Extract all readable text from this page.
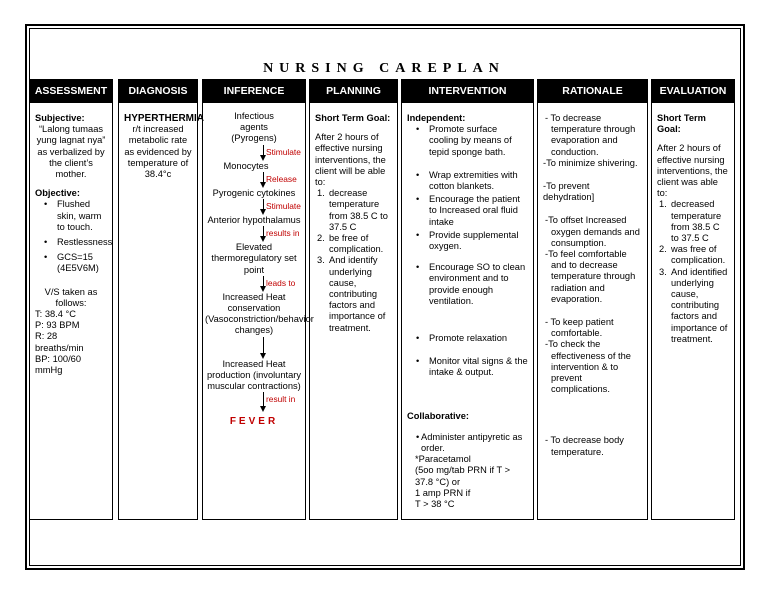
NURSING CAREPLAN
ASSESSMENT
Subjective:
“Lalong tumaas yung lagnat nya” as verbalized by the client’s mother.
Objective:
• Flushed skin, warm to touch.
• Restlessness
• GCS=15 (4E5V6M)
V/S taken as follows:
T: 38.4 °C
P: 93 BPM
R: 28 breaths/min
BP: 100/60 mmHg
DIAGNOSIS
HYPERTHERMIA
r/t increased metabolic rate as evidenced by temperature of 38.4°c
INFERENCE
Infectious agents (Pyrogens)
Stimulate
Monocytes
Release
Pyrogenic cytokines
Stimulate
Anterior hypothalamus
results in
Elevated thermoregulatory set point
leads to
Increased Heat conservation (Vasoconstriction/behavior changes)
Increased Heat production (involuntary muscular contractions)
result in
FEVER
PLANNING
Short Term Goal:
After 2 hours of effective nursing interventions, the client will be able to:
1. decrease temperature from 38.5 C to 37.5 C
2. be free of complication.
3. And identify underlying cause, contributing factors and importance of treatment.
INTERVENTION
Independent:
• Promote surface cooling by means of tepid sponge bath.
• Wrap extremities with cotton blankets.
• Encourage the patient to Increased oral fluid intake
• Provide supplemental oxygen.
• Encourage SO to clean environment and to provide enough ventilation.
• Promote relaxation
• Monitor vital signs & the intake & output.
Collaborative:
• Administer antipyretic as order.
*Paracetamol
(5oo mg/tab PRN if T > 37.8 °C) or
1 amp PRN if
T > 38 °C
RATIONALE
- To decrease temperature through evaporation and conduction.
-To minimize shivering.
-To prevent dehydration]
-To offset Increased oxygen demands and consumption.
-To feel comfortable and to decrease temperature through radiation and evaporation.
- To keep patient comfortable.
-To check the effectiveness of the intervention & to prevent complications.
- To decrease body temperature.
EVALUATION
Short Term Goal:
After 2 hours of effective nursing interventions, the client was able to:
1. decreased temperature from 38.5 C to 37.5 C
2. was free of complication.
3. And identified underlying cause, contributing factors and importance of treatment.
